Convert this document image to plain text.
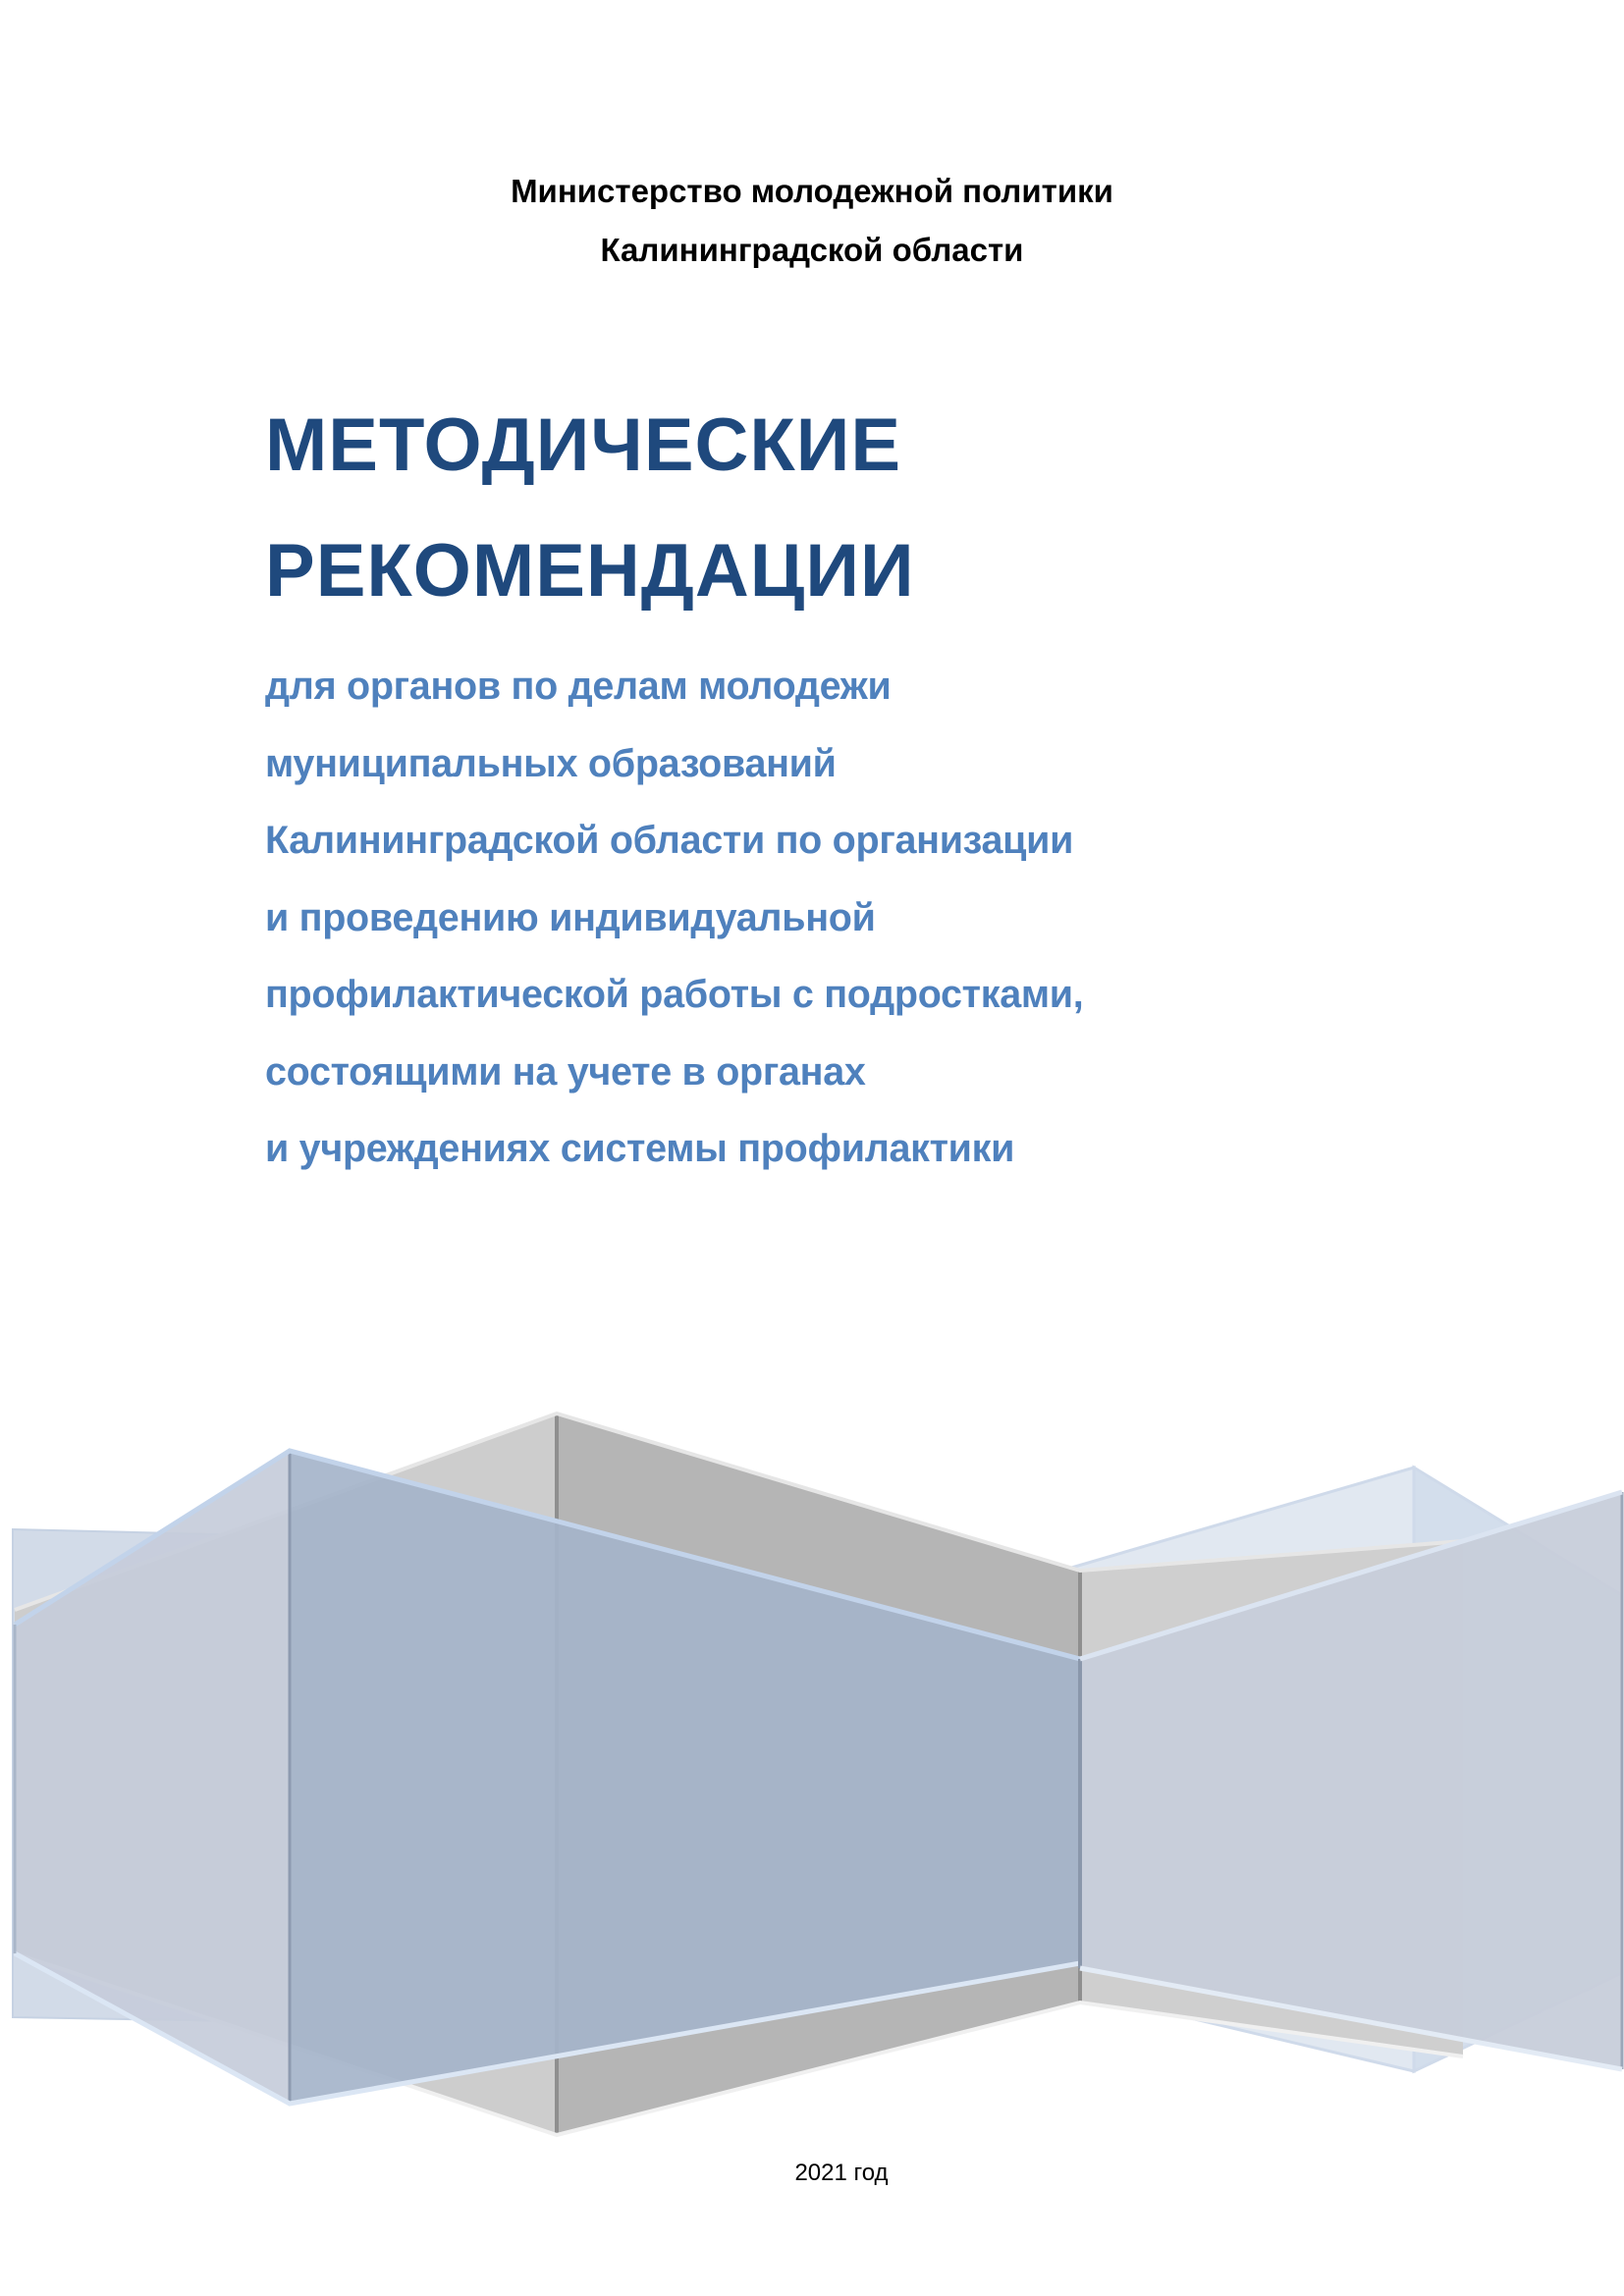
Министерство молодежной политики
Калининградской области
МЕТОДИЧЕСКИЕ
РЕКОМЕНДАЦИИ
для органов по делам молодежи
муниципальных образований
Калининградской области по организации
и проведению индивидуальной
профилактической работы с подростками,
состоящими на учете в органах
и учреждениях системы профилактики
2021 год
